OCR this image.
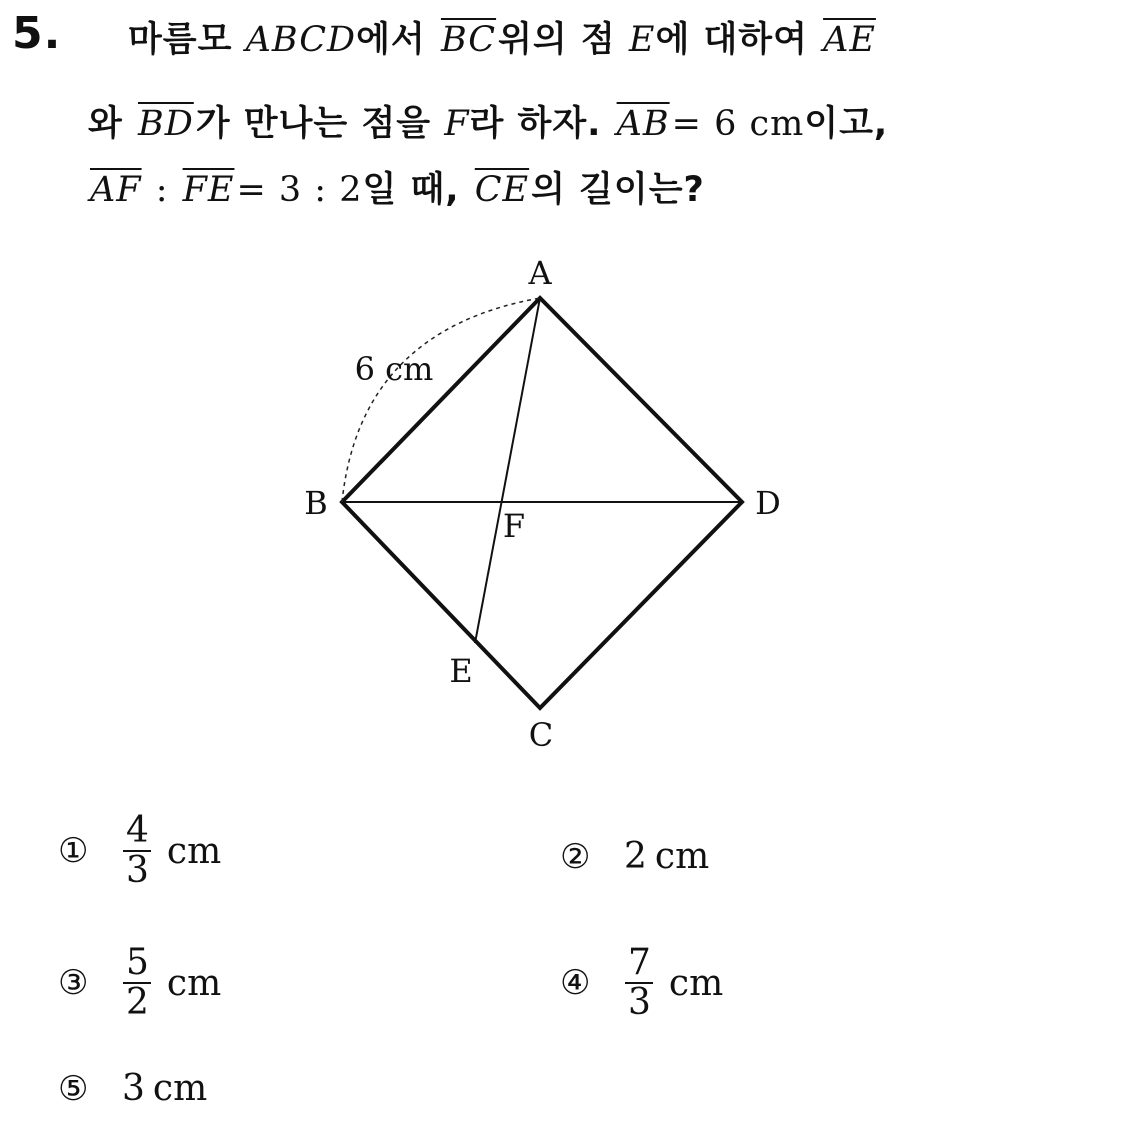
5. 마름모 ABCD에서 $\overline{BC}$위의 점 E에 대하여 $\overline{AE}$
와 $\overline{BD}$가 만나는 점을 F라 하자. $\overline{AB}= 6$ cm이고,
$\overline{AF}$ : $\overline{FE}= 3$ : 2일 때, $\overline{CE}$의 길이는?
A
B
C
D
E
F
6 cm
① $\frac{4}{3}$ cm	② 2 cm
③ $\frac{5}{2}$ cm	④ $\frac{7}{3}$ cm
⑤ 3 cm
